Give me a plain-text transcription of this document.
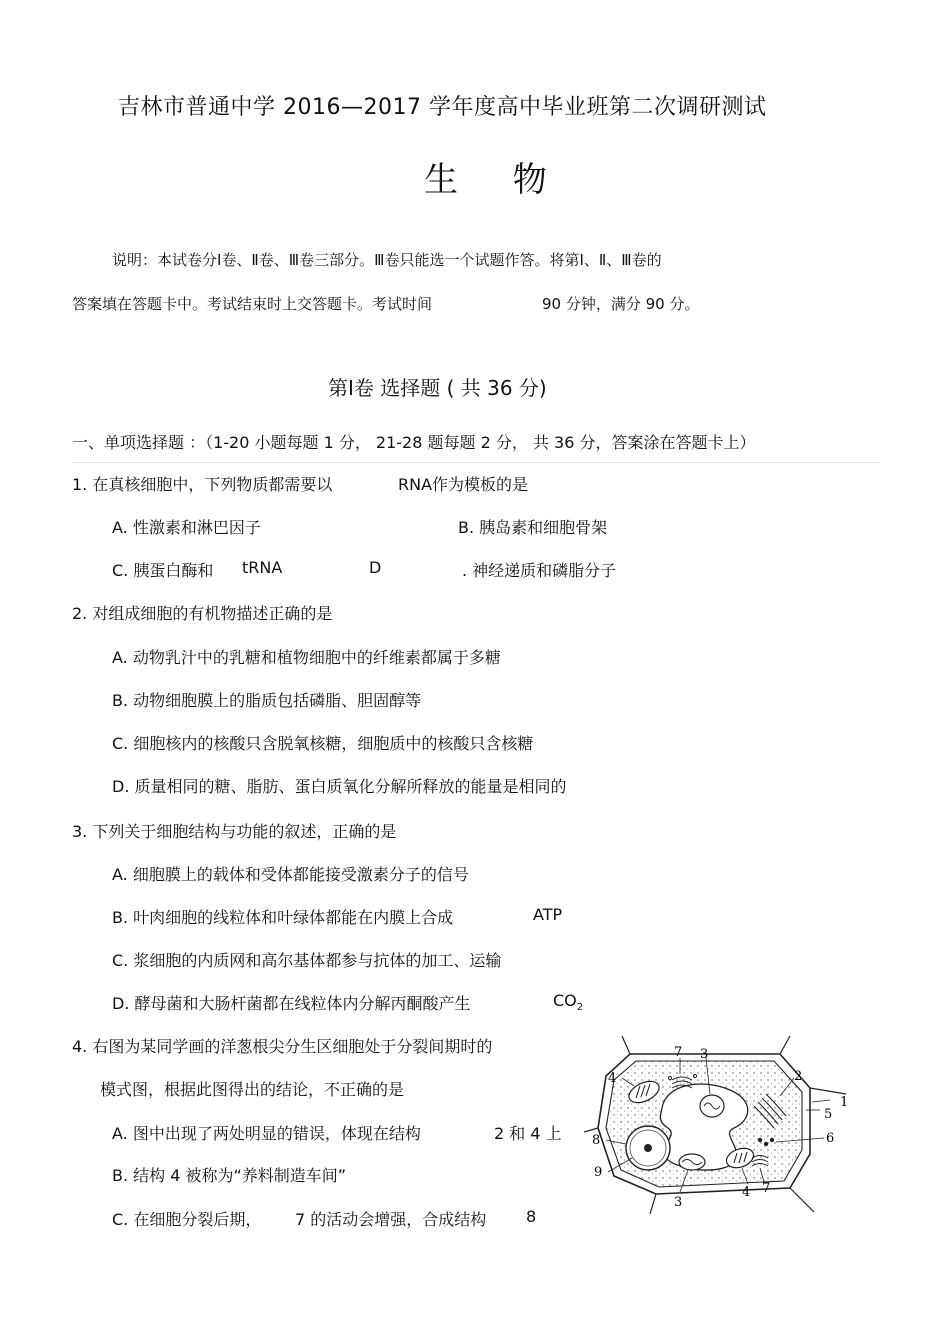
吉林市普通中学 2016—2017 学年度高中毕业班第二次调研测试
生 物
说明：本试卷分Ⅰ卷、Ⅱ卷、Ⅲ卷三部分。Ⅲ卷只能选一个试题作答。将第Ⅰ、Ⅱ、Ⅲ卷的
答案填在答题卡中。考试结束时上交答题卡。考试时间	90 分钟，满分 90 分。
第Ⅰ卷 选择题 ( 共 36 分)
一、单项选择题 ：（1-20 小题每题 1 分， 21-28 题每题 2 分， 共 36 分，答案涂在答题卡上）
1. 在真核细胞中，下列物质都需要以	RNA作为模板的是
A. 性激素和淋巴因子	B. 胰岛素和细胞骨架
C. 胰蛋白酶和 tRNA	D	. 神经递质和磷脂分子
2. 对组成细胞的有机物描述正确的是
A. 动物乳汁中的乳糖和植物细胞中的纤维素都属于多糖
B. 动物细胞膜上的脂质包括磷脂、胆固醇等
C. 细胞核内的核酸只含脱氧核糖，细胞质中的核酸只含核糖
D. 质量相同的糖、脂肪、蛋白质氧化分解所释放的能量是相同的
3. 下列关于细胞结构与功能的叙述，正确的是
A. 细胞膜上的载体和受体都能接受激素分子的信号
B. 叶肉细胞的线粒体和叶绿体都能在内膜上合成	ATP
C. 浆细胞的内质网和高尔基体都参与抗体的加工、运输
D. 酵母菌和大肠杆菌都在线粒体内分解丙酮酸产生	$CO_2$
4. 右图为某同学画的洋葱根尖分生区细胞处于分裂间期时的
模式图，根据此图得出的结论，不正确的是
A. 图中出现了两处明显的错误，体现在结构	2 和 4 上
B. 结构 4 被称为“养料制造车间”
C. 在细胞分裂后期， 7 的活动会增强，合成结构 8
4
7 3
2
1
5
6
8
9
3
4 7
